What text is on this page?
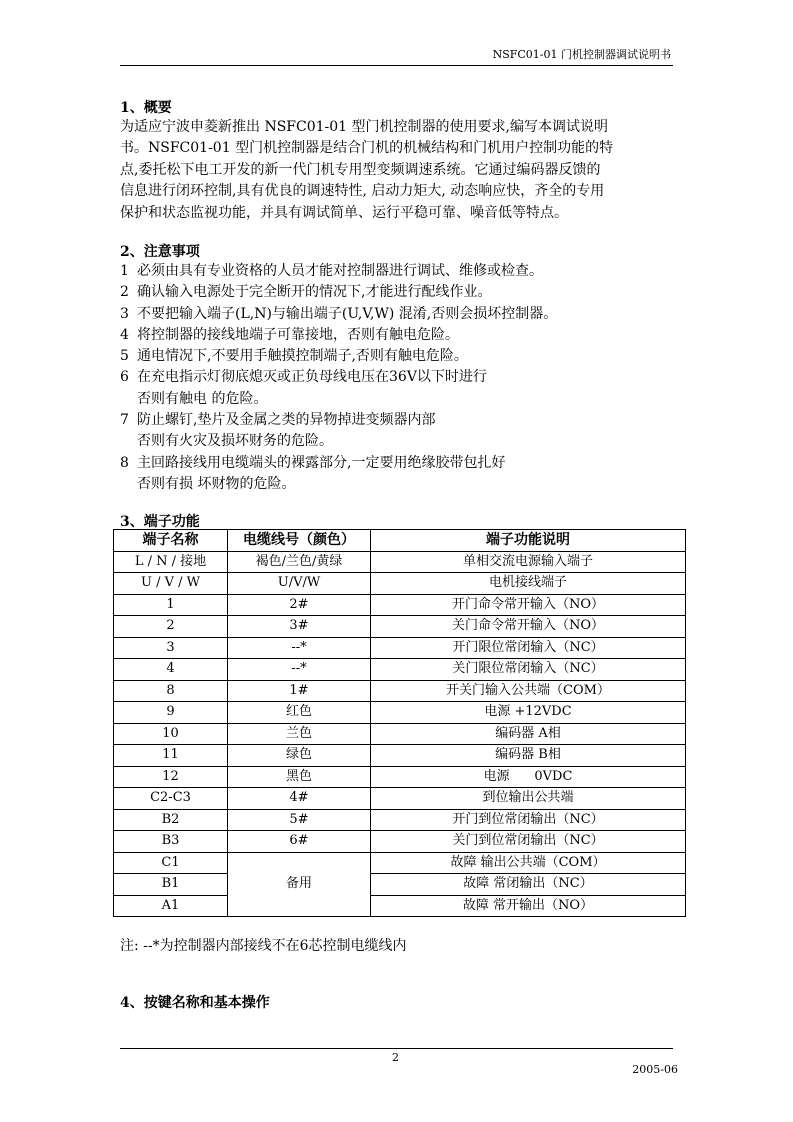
NSFC01-01 门机控制器调试说明书
1、概要
为适应宁波申菱新推出 NSFC01-01 型门机控制器的使用要求,编写本调试说明
书。NSFC01-01 型门机控制器是结合门机的机械结构和门机用户控制功能的特
点,委托松下电工开发的新一代门机专用型变频调速系统。它通过编码器反馈的
信息进行闭环控制,具有优良的调速特性, 启动力矩大, 动态响应快，齐全的专用
保护和状态监视功能，并具有调试简单、运行平稳可靠、噪音低等特点。
2、注意事项
1 必须由具有专业资格的人员才能对控制器进行调试、维修或检查。
2 确认输入电源处于完全断开的情况下,才能进行配线作业。
3 不要把输入端子(L,N)与输出端子(U,V,W) 混淆,否则会损坏控制器。
4 将控制器的接线地端子可靠接地，否则有触电危险。
5 通电情况下,不要用手触摸控制端子,否则有触电危险。
6 在充电指示灯彻底熄灭或正负母线电压在36V以下时进行
否则有触电 的危险。
7 防止螺钉,垫片及金属之类的异物掉进变频器内部
否则有火灾及损坏财务的危险。
8 主回路接线用电缆端头的裸露部分,一定要用绝缘胶带包扎好
否则有损 坏财物的危险。
3、端子功能
端子名称	电缆线号（颜色）	端子功能说明
L / N / 接地	褐色/兰色/黄绿	单相交流电源输入端子
U / V / W	U/V/W	电机接线端子
1	2#	开门命令常开输入（NO）
2	3#	关门命令常开输入（NO）
3	--*	开门限位常闭输入（NC）
4	--*	关门限位常闭输入（NC）
8	1#	开关门输入公共端（COM）
9	红色	电源 +12VDC
10	兰色	编码器 A相
11	绿色	编码器 B相
12	黑色	电源      0VDC
C2-C3	4#	到位输出公共端
B2	5#	开门到位常闭输出（NC）
B3	6#	关门到位常闭输出（NC）
C1	备用	故障 输出公共端（COM）
B1		故障 常闭输出（NC）
A1		故障 常开输出（NO）
注: --*为控制器内部接线不在6芯控制电缆线内
4、按键名称和基本操作
2
2005-06
